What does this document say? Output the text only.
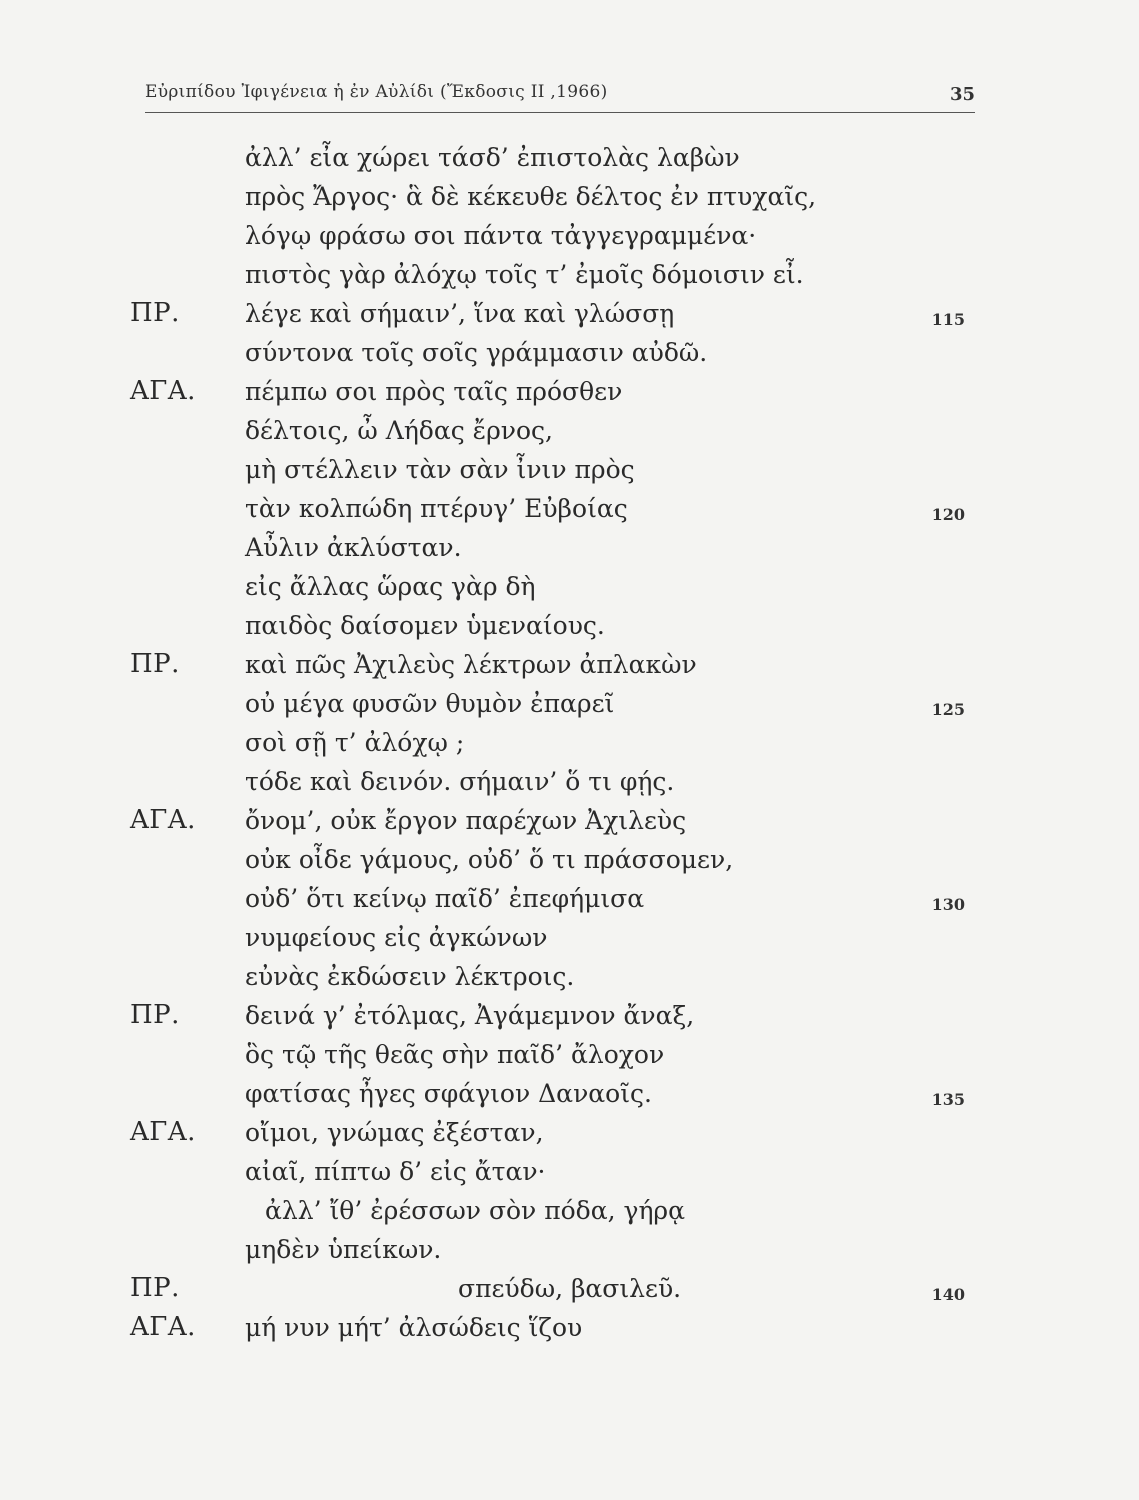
Εὐριπίδου Ἰφιγένεια ἡ ἐν Αὐλίδι (Ἔκδοσις II ,1966)	35
ἀλλ’ εἶα χώρει τάσδ’ ἐπιστολὰς λαβὼν
πρὸς Ἄργος· ἃ δὲ κέκευθε δέλτος ἐν πτυχαῖς,
λόγῳ φράσω σοι πάντα τἀγγεγραμμένα·
πιστὸς γὰρ ἀλόχῳ τοῖς τ’ ἐμοῖς δόμοισιν εἶ.
ΠΡ.	λέγε καὶ σήμαιν’, ἵνα καὶ γλώσσῃ	115
σύντονα τοῖς σοῖς γράμμασιν αὐδῶ.
ΑΓΑ.	πέμπω σοι πρὸς ταῖς πρόσθεν
δέλτοις, ὦ Λήδας ἔρνος,
μὴ στέλλειν τὰν σὰν ἶνιν πρὸς
τὰν κολπώδη πτέρυγ’ Εὐβοίας	120
Αὖλιν ἀκλύσταν.
εἰς ἄλλας ὥρας γὰρ δὴ
παιδὸς δαίσομεν ὑμεναίους.
ΠΡ.	καὶ πῶς Ἀχιλεὺς λέκτρων ἀπλακὼν
οὐ μέγα φυσῶν θυμὸν ἐπαρεῖ	125
σοὶ σῇ τ’ ἀλόχῳ ;
τόδε καὶ δεινόν. σήμαιν’ ὅ τι φῄς.
ΑΓΑ.	ὄνομ’, οὐκ ἔργον παρέχων Ἀχιλεὺς
οὐκ οἶδε γάμους, οὐδ’ ὅ τι πράσσομεν,
οὐδ’ ὅτι κείνῳ παῖδ’ ἐπεφήμισα	130
νυμφείους εἰς ἀγκώνων
εὐνὰς ἐκδώσειν λέκτροις.
ΠΡ.	δεινά γ’ ἐτόλμας, Ἀγάμεμνον ἄναξ,
ὃς τῷ τῆς θεᾶς σὴν παῖδ’ ἄλοχον
φατίσας ἦγες σφάγιον Δαναοῖς.	135
ΑΓΑ.	οἴμοι, γνώμας ἐξέσταν,
αἰαῖ, πίπτω δ’ εἰς ἄταν·
ἀλλ’ ἴθ’ ἐρέσσων σὸν πόδα, γήρᾳ
μηδὲν ὑπείκων.
ΠΡ.	σπεύδω, βασιλεῦ.	140
ΑΓΑ.	μή νυν μήτ’ ἀλσώδεις ἵζου
